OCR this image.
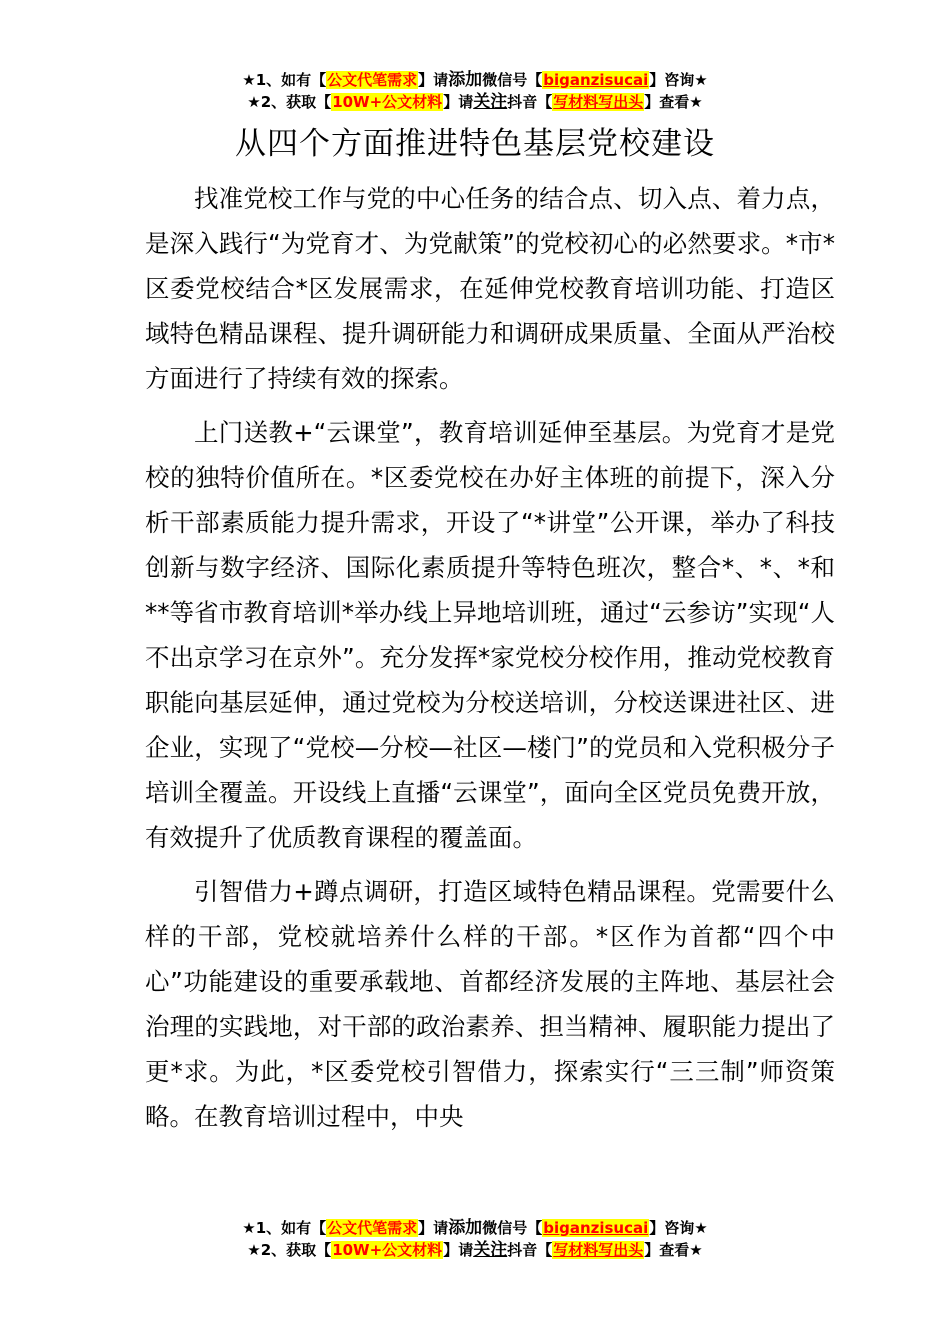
★1、如有【公文代笔需求】请添加微信号【biganzisucai】咨询★
★2、获取【10W+公文材料】请关注抖音【写材料写出头】查看★
从四个方面推进特色基层党校建设

找准党校工作与党的中心任务的结合点、切入点、着力点，是深入践行“为党育才、为党献策”的党校初心的必然要求。*市*区委党校结合*区发展需求，在延伸党校教育培训功能、打造区域特色精品课程、提升调研能力和调研成果质量、全面从严治校方面进行了持续有效的探索。

上门送教+“云课堂”，教育培训延伸至基层。为党育才是党校的独特价值所在。*区委党校在办好主体班的前提下，深入分析干部素质能力提升需求，开设了“*讲堂”公开课，举办了科技创新与数字经济、国际化素质提升等特色班次，整合*、*、*和**等省市教育培训*举办线上异地培训班，通过“云参访”实现“人不出京学习在京外”。充分发挥*家党校分校作用，推动党校教育职能向基层延伸，通过党校为分校送培训，分校送课进社区、进企业，实现了“党校—分校—社区—楼门”的党员和入党积极分子培训全覆盖。开设线上直播“云课堂”，面向全区党员免费开放，有效提升了优质教育课程的覆盖面。

引智借力+蹲点调研，打造区域特色精品课程。党需要什么样的干部，党校就培养什么样的干部。*区作为首都“四个中心”功能建设的重要承载地、首都经济发展的主阵地、基层社会治理的实践地，对干部的政治素养、担当精神、履职能力提出了更*求。为此，*区委党校引智借力，探索实行“三三制”师资策略。在教育培训过程中，中央

★1、如有【公文代笔需求】请添加微信号【biganzisucai】咨询★
★2、获取【10W+公文材料】请关注抖音【写材料写出头】查看★
